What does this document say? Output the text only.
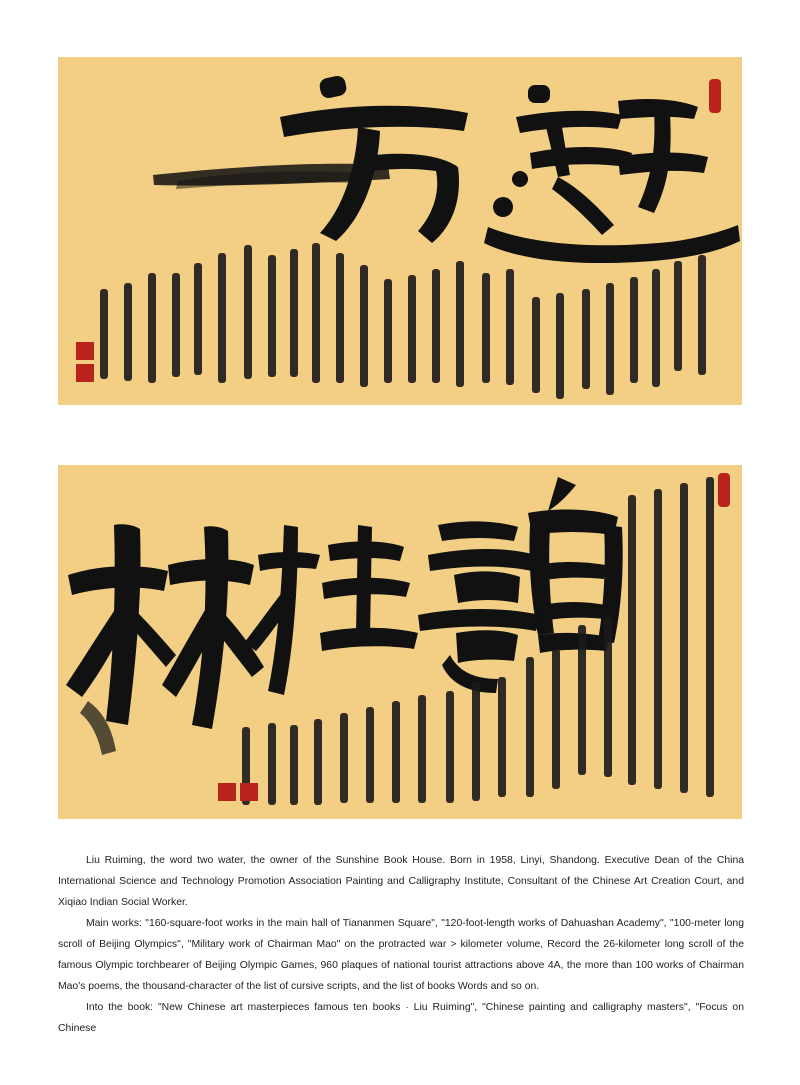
Liu Ruiming, the word two water, the owner of the Sunshine Book House. Born in 1958, Linyi, Shandong. Executive Dean of the China International Science and Technology Promotion Association Painting and Calligraphy Institute, Consultant of the Chinese Art Creation Court, and Xiqiao Indian Social Worker.

Main works: "160-square-foot works in the main hall of Tiananmen Square", "120-foot-length works of Dahuashan Academy", "100-meter long scroll of Beijing Olympics", "Military work of Chairman Mao" on the protracted war > kilometer volume, Record the 26-kilometer long scroll of the famous Olympic torchbearer of Beijing Olympic Games, 960 plaques of national tourist attractions above 4A, the more than 100 works of Chairman Mao's poems, the thousand-character of the list of cursive scripts, and the list of books Words and so on.

Into the book: "New Chinese art masterpieces famous ten books · Liu Ruiming", "Chinese painting and calligraphy masters", "Focus on Chinese
